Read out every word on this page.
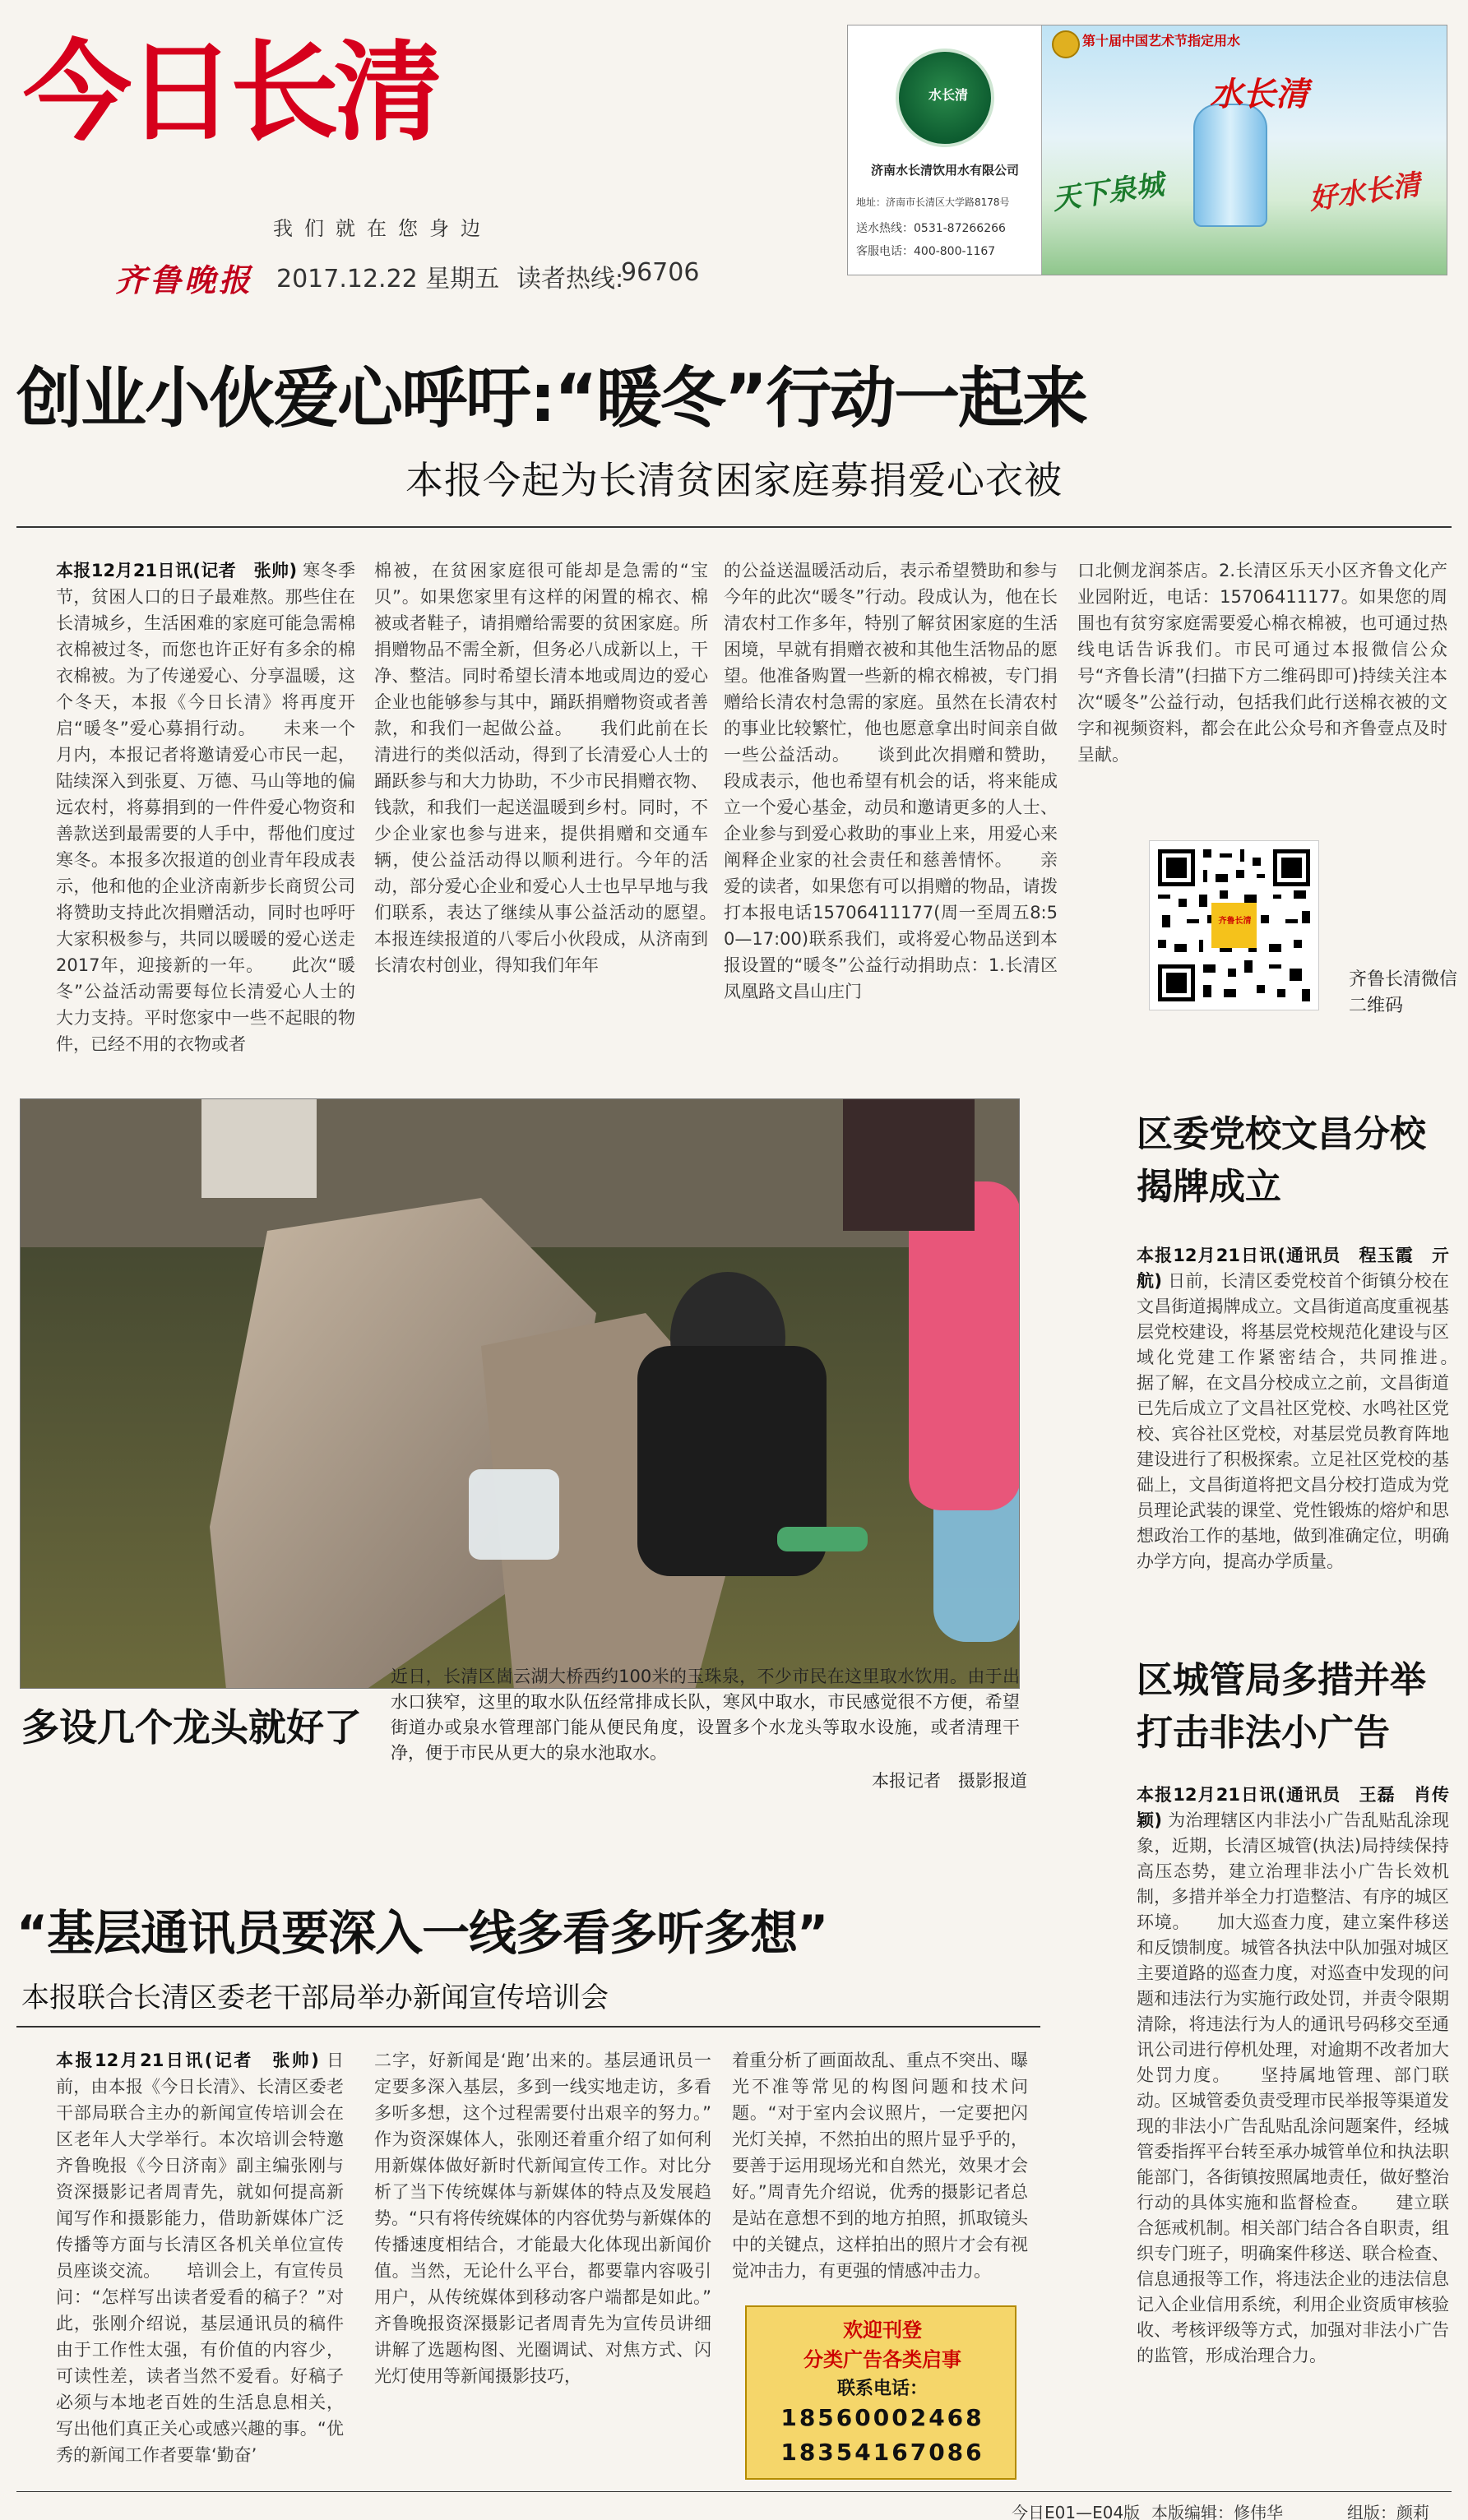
今日长清
我们就在您身边
齐鲁晚报 2017.12.22 星期五 读者热线:
96706
水长清
济南水长清饮用水有限公司
地址：济南市长清区大学路8178号
送水热线：0531-87266266
客服电话：400-800-1167
第十届中国艺术节指定用水
水长清
天下泉城	好水长清
创业小伙爱心呼吁:“暖冬”行动一起来
本报今起为长清贫困家庭募捐爱心衣被
本报12月21日讯(记者　张帅) 寒冬季节，贫困人口的日子最难熬。那些住在长清城乡，生活困难的家庭可能急需棉衣棉被过冬，而您也许正好有多余的棉衣棉被。为了传递爱心、分享温暖，这个冬天，本报《今日长清》将再度开启“暖冬”爱心募捐行动。　　未来一个月内，本报记者将邀请爱心市民一起，陆续深入到张夏、万德、马山等地的偏远农村，将募捐到的一件件爱心物资和善款送到最需要的人手中，帮他们度过寒冬。本报多次报道的创业青年段成表示，他和他的企业济南新步长商贸公司将赞助支持此次捐赠活动，同时也呼吁大家积极参与，共同以暖暖的爱心送走2017年，迎接新的一年。　　此次“暖冬”公益活动需要每位长清爱心人士的大力支持。平时您家中一些不起眼的物件，已经不用的衣物或者
棉被，在贫困家庭很可能却是急需的“宝贝”。如果您家里有这样的闲置的棉衣、棉被或者鞋子，请捐赠给需要的贫困家庭。所捐赠物品不需全新，但务必八成新以上，干净、整洁。同时希望长清本地或周边的爱心企业也能够参与其中，踊跃捐赠物资或者善款，和我们一起做公益。　　我们此前在长清进行的类似活动，得到了长清爱心人士的踊跃参与和大力协助，不少市民捐赠衣物、钱款，和我们一起送温暖到乡村。同时，不少企业家也参与进来，提供捐赠和交通车辆，使公益活动得以顺利进行。今年的活动，部分爱心企业和爱心人士也早早地与我们联系，表达了继续从事公益活动的愿望。　　本报连续报道的八零后小伙段成，从济南到长清农村创业，得知我们年年
的公益送温暖活动后，表示希望赞助和参与今年的此次“暖冬”行动。段成认为，他在长清农村工作多年，特别了解贫困家庭的生活困境，早就有捐赠衣被和其他生活物品的愿望。他准备购置一些新的棉衣棉被，专门捐赠给长清农村急需的家庭。虽然在长清农村的事业比较繁忙，他也愿意拿出时间亲自做一些公益活动。　　谈到此次捐赠和赞助，段成表示，他也希望有机会的话，将来能成立一个爱心基金，动员和邀请更多的人士、企业参与到爱心救助的事业上来，用爱心来阐释企业家的社会责任和慈善情怀。　　亲爱的读者，如果您有可以捐赠的物品，请拨打本报电话15706411177(周一至周五8:50—17:00)联系我们，或将爱心物品送到本报设置的“暖冬”公益行动捐助点：1.长清区凤凰路文昌山庄门
口北侧龙润茶店。2.长清区乐天小区齐鲁文化产业园附近，电话：15706411177。如果您的周围也有贫穷家庭需要爱心棉衣棉被，也可通过热线电话告诉我们。市民可通过本报微信公众号“齐鲁长清”(扫描下方二维码即可)持续关注本次“暖冬”公益行动，包括我们此行送棉衣被的文字和视频资料，都会在此公众号和齐鲁壹点及时呈献。
齐鲁长清
齐鲁长清微信二维码
多设几个龙头就好了
近日，长清区崮云湖大桥西约100米的玉珠泉，不少市民在这里取水饮用。由于出水口狭窄，这里的取水队伍经常排成长队，寒风中取水，市民感觉很不方便，希望街道办或泉水管理部门能从便民角度，设置多个水龙头等取水设施，或者清理干净，便于市民从更大的泉水池取水。
本报记者　摄影报道
区委党校文昌分校揭牌成立
本报12月21日讯(通讯员　程玉霞　亓航) 日前，长清区委党校首个街镇分校在文昌街道揭牌成立。文昌街道高度重视基层党校建设，将基层党校规范化建设与区域化党建工作紧密结合，共同推进。　　据了解，在文昌分校成立之前，文昌街道已先后成立了文昌社区党校、水鸣社区党校、宾谷社区党校，对基层党员教育阵地建设进行了积极探索。立足社区党校的基础上，文昌街道将把文昌分校打造成为党员理论武装的课堂、党性锻炼的熔炉和思想政治工作的基地，做到准确定位，明确办学方向，提高办学质量。
区城管局多措并举打击非法小广告
本报12月21日讯(通讯员　王磊　肖传颖) 为治理辖区内非法小广告乱贴乱涂现象，近期，长清区城管(执法)局持续保持高压态势，建立治理非法小广告长效机制，多措并举全力打造整洁、有序的城区环境。　　加大巡查力度，建立案件移送和反馈制度。城管各执法中队加强对城区主要道路的巡查力度，对巡查中发现的问题和违法行为实施行政处罚，并责令限期清除，将违法行为人的通讯号码移交至通讯公司进行停机处理，对逾期不改者加大处罚力度。　　坚持属地管理、部门联动。区城管委负责受理市民举报等渠道发现的非法小广告乱贴乱涂问题案件，经城管委指挥平台转至承办城管单位和执法职能部门，各街镇按照属地责任，做好整治行动的具体实施和监督检查。　　建立联合惩戒机制。相关部门结合各自职责，组织专门班子，明确案件移送、联合检查、信息通报等工作，将违法企业的违法信息记入企业信用系统，利用企业资质审核验收、考核评级等方式，加强对非法小广告的监管，形成治理合力。
“基层通讯员要深入一线多看多听多想”
本报联合长清区委老干部局举办新闻宣传培训会
本报12月21日讯(记者　张帅) 日前，由本报《今日长清》、长清区委老干部局联合主办的新闻宣传培训会在区老年人大学举行。本次培训会特邀齐鲁晚报《今日济南》副主编张刚与资深摄影记者周青先，就如何提高新闻写作和摄影能力，借助新媒体广泛传播等方面与长清区各机关单位宣传员座谈交流。　　培训会上，有宣传员问：“怎样写出读者爱看的稿子？”对此，张刚介绍说，基层通讯员的稿件由于工作性太强，有价值的内容少，可读性差，读者当然不爱看。好稿子必须与本地老百姓的生活息息相关，写出他们真正关心或感兴趣的事。“优秀的新闻工作者要靠‘勤奋’
二字，好新闻是‘跑’出来的。基层通讯员一定要多深入基层，多到一线实地走访，多看多听多想，这个过程需要付出艰辛的努力。”　　作为资深媒体人，张刚还着重介绍了如何利用新媒体做好新时代新闻宣传工作。对比分析了当下传统媒体与新媒体的特点及发展趋势。“只有将传统媒体的内容优势与新媒体的传播速度相结合，才能最大化体现出新闻价值。当然，无论什么平台，都要靠内容吸引用户，从传统媒体到移动客户端都是如此。”　　齐鲁晚报资深摄影记者周青先为宣传员讲细讲解了选题构图、光圈调试、对焦方式、闪光灯使用等新闻摄影技巧，
着重分析了画面故乱、重点不突出、曝光不准等常见的构图问题和技术问题。“对于室内会议照片，一定要把闪光灯关掉，不然拍出的照片显乎乎的，要善于运用现场光和自然光，效果才会好。”周青先介绍说，优秀的摄影记者总是站在意想不到的地方拍照，抓取镜头中的关键点，这样拍出的照片才会有视觉冲击力，有更强的情感冲击力。
欢迎刊登
分类广告各类启事
联系电话：
18560002468
18354167086
今日E01—E04版 本版编辑：修伟华	组版：颜莉
